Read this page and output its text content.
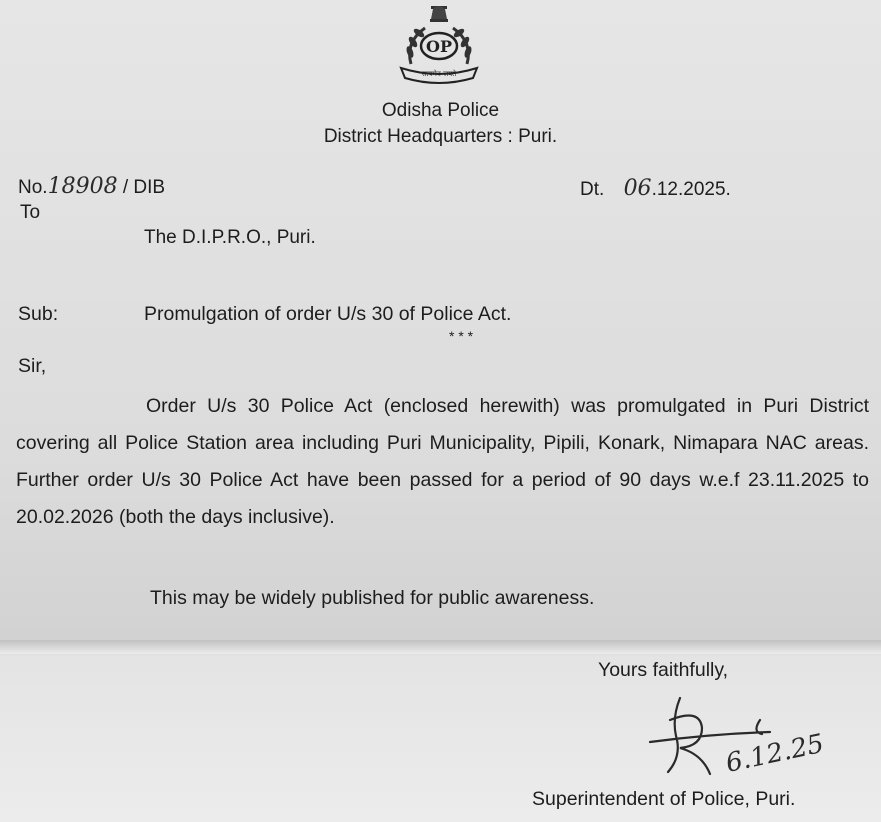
OP
सत्यमेव जयते
Odisha Police
District Headquarters : Puri.
No.18908 / DIB	Dt. 06.12.2025.
To
The D.I.P.R.O., Puri.
Sub:	Promulgation of order U/s 30 of Police Act.
* * *
Sir,
Order U/s 30 Police Act (enclosed herewith) was promulgated in Puri District covering all Police Station area including Puri Municipality, Pipili, Konark, Nimapara NAC areas. Further order U/s 30 Police Act have been passed for a period of 90 days w.e.f 23.11.2025 to 20.02.2026 (both the days inclusive).
This may be widely published for public awareness.
Yours faithfully,
6.12.25
Superintendent of Police, Puri.
